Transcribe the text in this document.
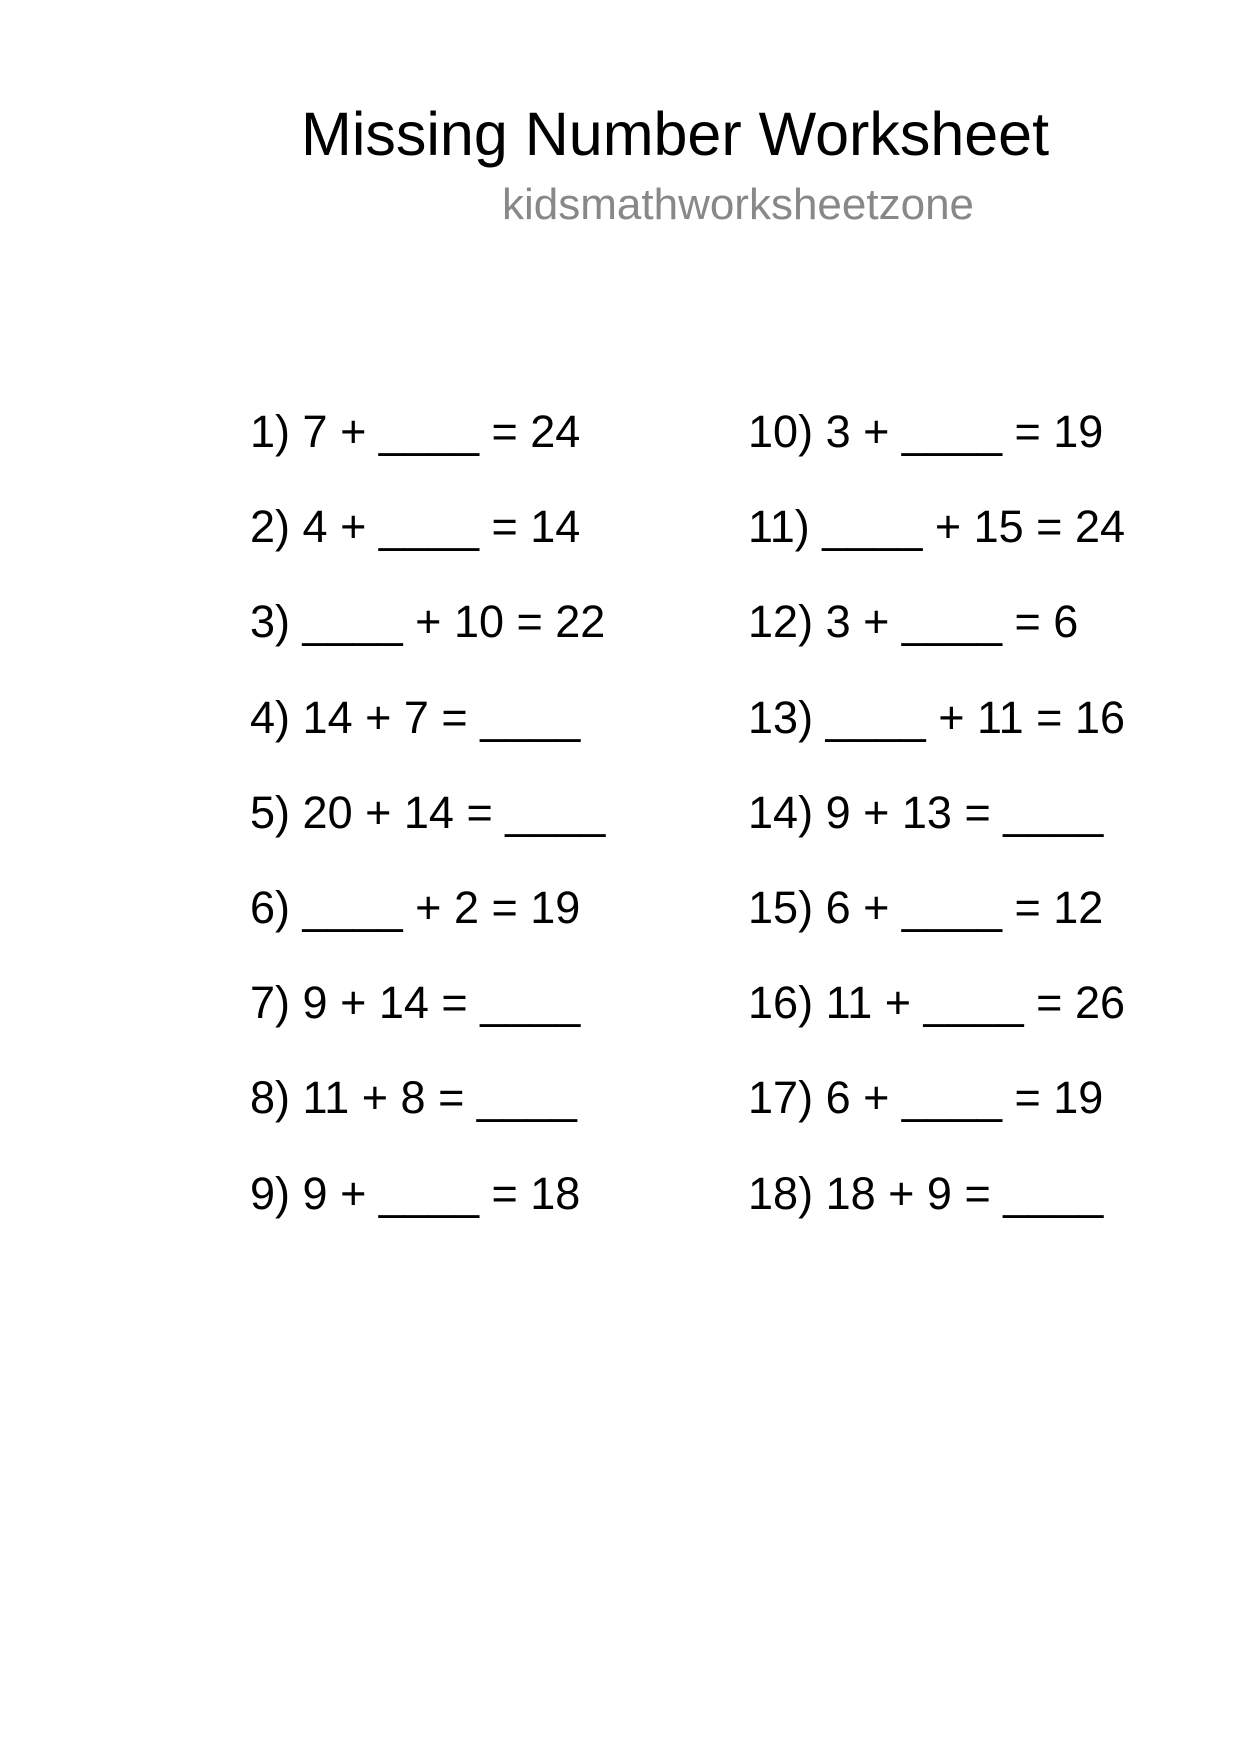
Missing Number Worksheet
kidsmathworksheetzone

1) 7 + ____ = 24

2) 4 + ____ = 14

3) ____ + 10 = 22

4) 14 + 7 = ____

5) 20 + 14 = ____

6) ____ + 2 = 19

7) 9 + 14 = ____

8) 11 + 8 = ____

9) 9 + ____ = 18

10) 3 + ____ = 19

11) ____ + 15 = 24

12) 3 + ____ = 6

13) ____ + 11 = 16

14) 9 + 13 = ____

15) 6 + ____ = 12

16) 11 + ____ = 26

17) 6 + ____ = 19

18) 18 + 9 = ____
